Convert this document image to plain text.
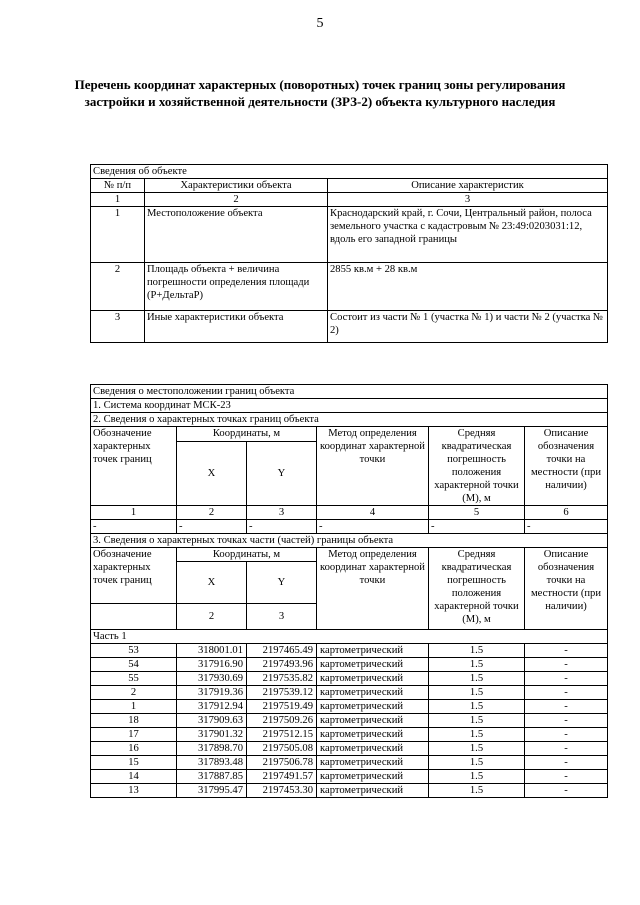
5
Перечень координат характерных (поворотных) точек границ зоны регулирования застройки и хозяйственной деятельности (ЗРЗ-2) объекта культурного наследия
Сведения об объекте		
№ п/п	Характеристики объекта	Описание характеристик
1	2	3
1	Местоположение объекта	Краснодарский край, г. Сочи, Центральный район, полоса земельного участка с кадастровым № 23:49:0203031:12, вдоль его западной границы
2	Площадь объекта + величина погрешности определения площади (Р+ДельтаР)	2855 кв.м + 28 кв.м
3	Иные характеристики объекта	Состоит из части № 1 (участка № 1) и части № 2 (участка № 2)
Сведения о местоположении границ объекта					
1. Система координат МСК-23					
2. Сведения о характерных точках границ объекта					
Обозначение характерных точек границ	Координаты, м		Метод определения координат характерной точки	Средняя квадратическая погрешность положения характерной точки (М), м	Описание обозначения точки на местности (при наличии)
	X	Y			
1	2	3	4	5	6
-	-	-	-	-	-
3. Сведения о характерных точках части (частей) границы объекта					
Обозначение характерных точек границ	Координаты, м		Метод определения координат характерной точки	Средняя квадратическая погрешность положения характерной точки (М), м	Описание обозначения точки на местности (при наличии)
	X	Y			
	2	3			
Часть 1					
53	318001.01	2197465.49	картометрический	1.5	-
54	317916.90	2197493.96	картометрический	1.5	-
55	317930.69	2197535.82	картометрический	1.5	-
2	317919.36	2197539.12	картометрический	1.5	-
1	317912.94	2197519.49	картометрический	1.5	-
18	317909.63	2197509.26	картометрический	1.5	-
17	317901.32	2197512.15	картометрический	1.5	-
16	317898.70	2197505.08	картометрический	1.5	-
15	317893.48	2197506.78	картометрический	1.5	-
14	317887.85	2197491.57	картометрический	1.5	-
13	317995.47	2197453.30	картометрический	1.5	-
